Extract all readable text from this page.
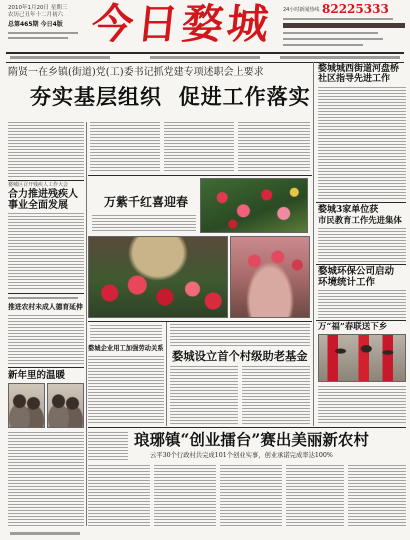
2010年1月20日 星期三
农历己丑年十二月初六
总第465期 今日4版 今日婺城 24小时新闻热线 82225333
隋贤一在乡镇(街道)党(工)委书记抓党建专项述职会上要求
夯实基层组织  促进工作落实
万紫千红喜迎春
婺城区召开残疾人工作大会
合力推进残疾人
事业全面发展
推进农村未成人德育延伸
新年里的温暖
婺城企业用工加强劳动关系
婺城设立首个村级助老基金
婺城城西街道河盘桥
社区指导先进工作
婺城3家单位获
市民教育工作先进集体
婺城环保公司启动
环境统计工作
万“福”春联送下乡
琅琊镇“创业擂台”赛出美丽新农村
云平30个行政村共完成101个创业实事，创业承诺完成率达100%
